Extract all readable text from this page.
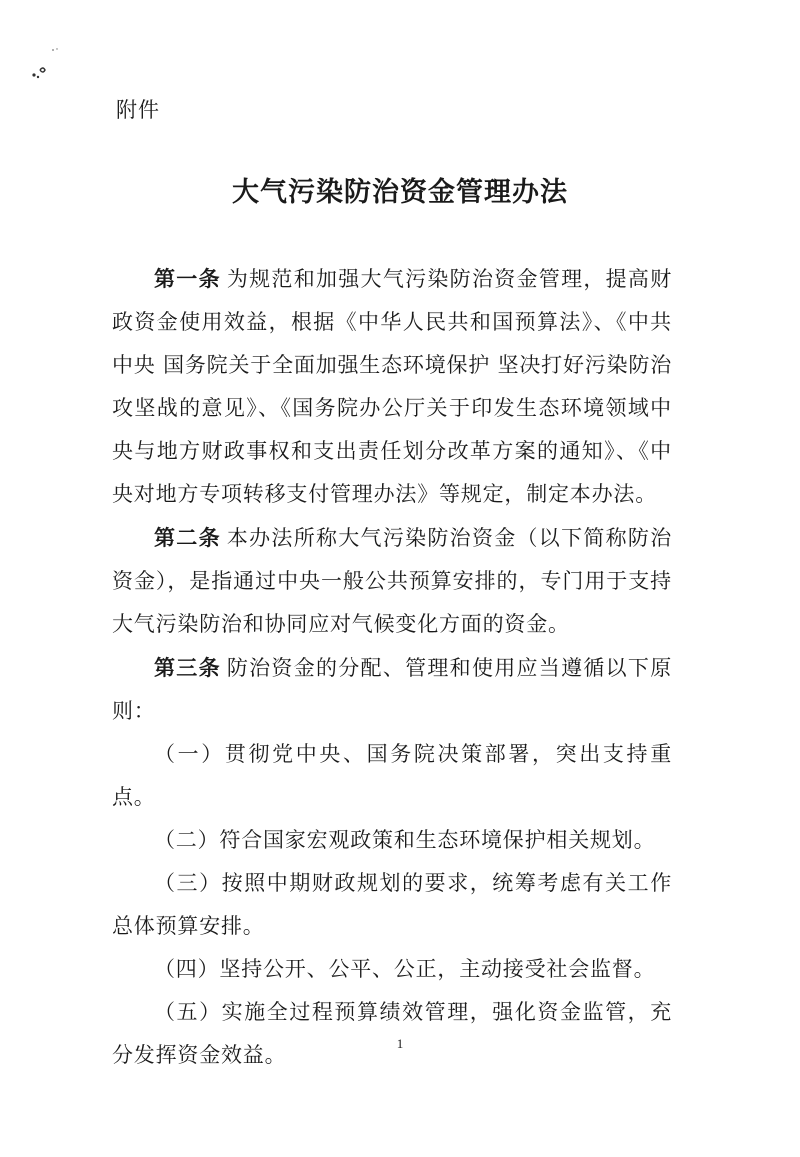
附件
大气污染防治资金管理办法

第一条 为规范和加强大气污染防治资金管理，提高财政资金使用效益，根据《中华人民共和国预算法》、《中共中央 国务院关于全面加强生态环境保护 坚决打好污染防治攻坚战的意见》、《国务院办公厅关于印发生态环境领域中央与地方财政事权和支出责任划分改革方案的通知》、《中央对地方专项转移支付管理办法》等规定，制定本办法。

第二条 本办法所称大气污染防治资金（以下简称防治资金），是指通过中央一般公共预算安排的，专门用于支持大气污染防治和协同应对气候变化方面的资金。

第三条 防治资金的分配、管理和使用应当遵循以下原则：

（一）贯彻党中央、国务院决策部署，突出支持重点。

（二）符合国家宏观政策和生态环境保护相关规划。

（三）按照中期财政规划的要求，统筹考虑有关工作总体预算安排。

（四）坚持公开、公平、公正，主动接受社会监督。

（五）实施全过程预算绩效管理，强化资金监管，充分发挥资金效益。	1
